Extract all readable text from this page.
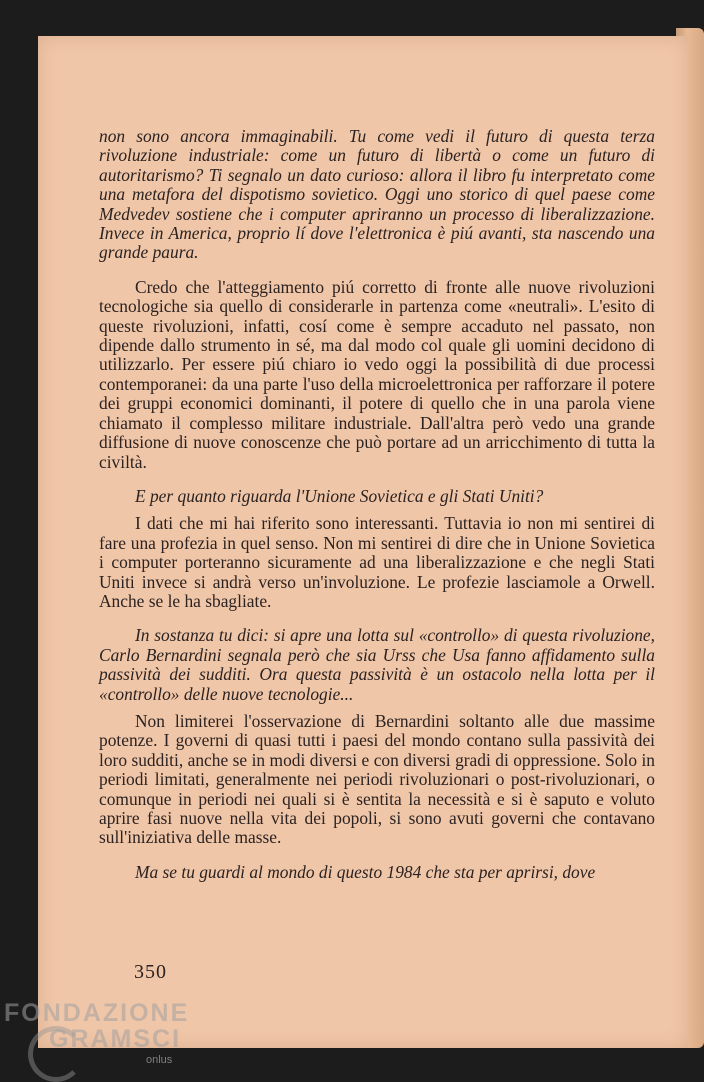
non sono ancora immaginabili. Tu come vedi il futuro di questa terza rivoluzione industriale: come un futuro di libertà o come un futuro di autoritarismo? Ti segnalo un dato curioso: allora il libro fu interpretato come una metafora del dispotismo sovietico. Oggi uno storico di quel paese come Medvedev sostiene che i computer apriranno un processo di liberalizzazione. Invece in America, proprio lí dove l'elettronica è piú avanti, sta nascendo una grande paura.

Credo che l'atteggiamento piú corretto di fronte alle nuove rivoluzioni tecnologiche sia quello di considerarle in partenza come «neutrali». L'esito di queste rivoluzioni, infatti, cosí come è sempre accaduto nel passato, non dipende dallo strumento in sé, ma dal modo col quale gli uomini decidono di utilizzarlo. Per essere piú chiaro io vedo oggi la possibilità di due processi contemporanei: da una parte l'uso della microelettronica per rafforzare il potere dei gruppi economici dominanti, il potere di quello che in una parola viene chiamato il complesso militare industriale. Dall'altra però vedo una grande diffusione di nuove conoscenze che può portare ad un arricchimento di tutta la civiltà.

E per quanto riguarda l'Unione Sovietica e gli Stati Uniti?

I dati che mi hai riferito sono interessanti. Tuttavia io non mi sentirei di fare una profezia in quel senso. Non mi sentirei di dire che in Unione Sovietica i computer porteranno sicuramente ad una liberalizzazione e che negli Stati Uniti invece si andrà verso un'involuzione. Le profezie lasciamole a Orwell. Anche se le ha sbagliate.

In sostanza tu dici: si apre una lotta sul «controllo» di questa rivoluzione, Carlo Bernardini segnala però che sia Urss che Usa fanno affidamento sulla passività dei sudditi. Ora questa passività è un ostacolo nella lotta per il «controllo» delle nuove tecnologie...

Non limiterei l'osservazione di Bernardini soltanto alle due massime potenze. I governi di quasi tutti i paesi del mondo contano sulla passività dei loro sudditi, anche se in modi diversi e con diversi gradi di oppressione. Solo in periodi limitati, generalmente nei periodi rivoluzionari o post-rivoluzionari, o comunque in periodi nei quali si è sentita la necessità e si è saputo e voluto aprire fasi nuove nella vita dei popoli, si sono avuti governi che contavano sull'iniziativa delle masse.

Ma se tu guardi al mondo di questo 1984 che sta per aprirsi, dove

350
FONDAZIONE
GRAMSCI
onlus
